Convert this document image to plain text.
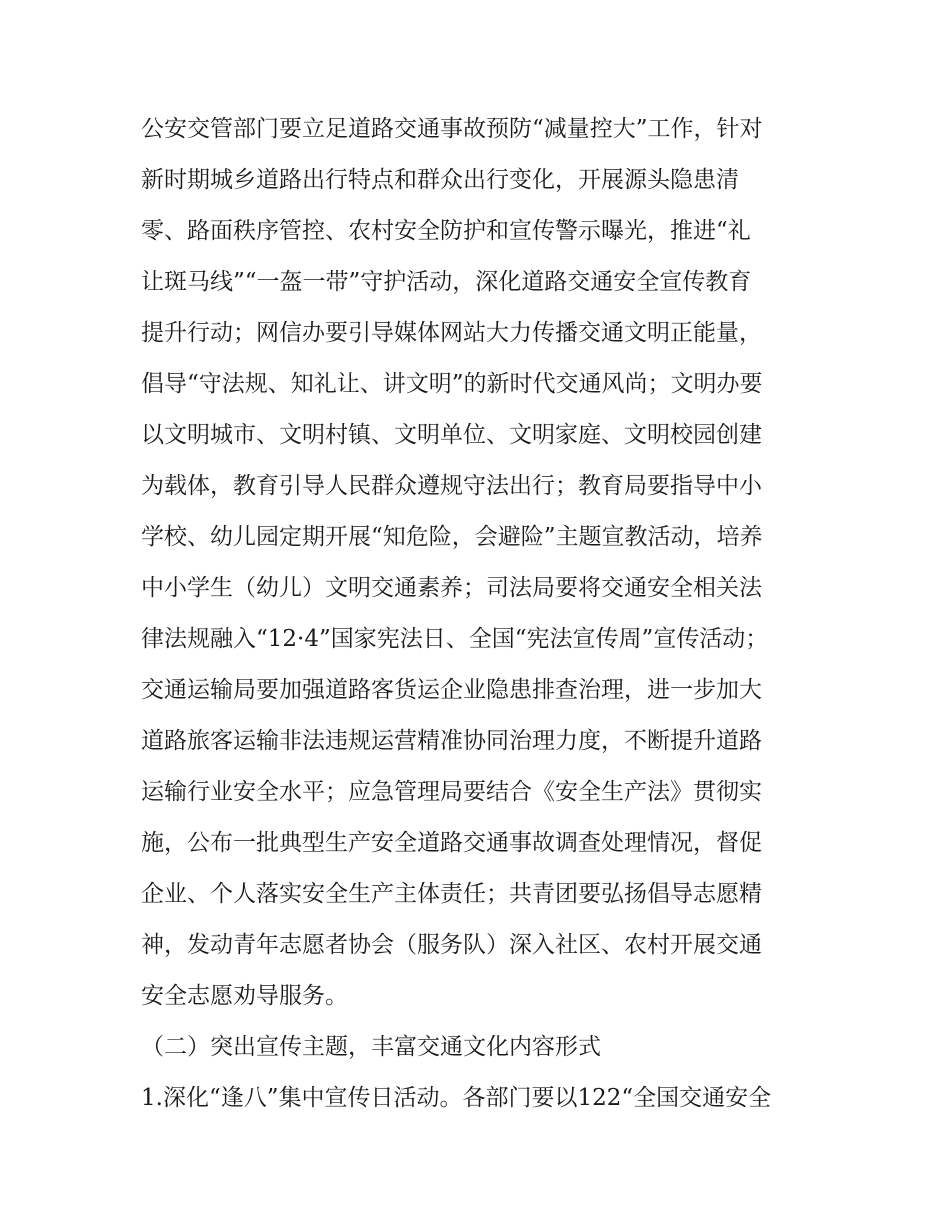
公安交管部门要立足道路交通事故预防“减量控大”工作，针对
新时期城乡道路出行特点和群众出行变化，开展源头隐患清
零、路面秩序管控、农村安全防护和宣传警示曝光，推进“礼
让斑马线”“一盔一带”守护活动，深化道路交通安全宣传教育
提升行动；网信办要引导媒体网站大力传播交通文明正能量，
倡导“守法规、知礼让、讲文明”的新时代交通风尚；文明办要
以文明城市、文明村镇、文明单位、文明家庭、文明校园创建
为载体，教育引导人民群众遵规守法出行；教育局要指导中小
学校、幼儿园定期开展“知危险，会避险”主题宣教活动，培养
中小学生（幼儿）文明交通素养；司法局要将交通安全相关法
律法规融入“12·4”国家宪法日、全国“宪法宣传周”宣传活动；
交通运输局要加强道路客货运企业隐患排查治理，进一步加大
道路旅客运输非法违规运营精准协同治理力度，不断提升道路
运输行业安全水平；应急管理局要结合《安全生产法》贯彻实
施，公布一批典型生产安全道路交通事故调查处理情况，督促
企业、个人落实安全生产主体责任；共青团要弘扬倡导志愿精
神，发动青年志愿者协会（服务队）深入社区、农村开展交通
安全志愿劝导服务。
（二）突出宣传主题，丰富交通文化内容形式
1.深化“逢八”集中宣传日活动。各部门要以122“全国交通安全
